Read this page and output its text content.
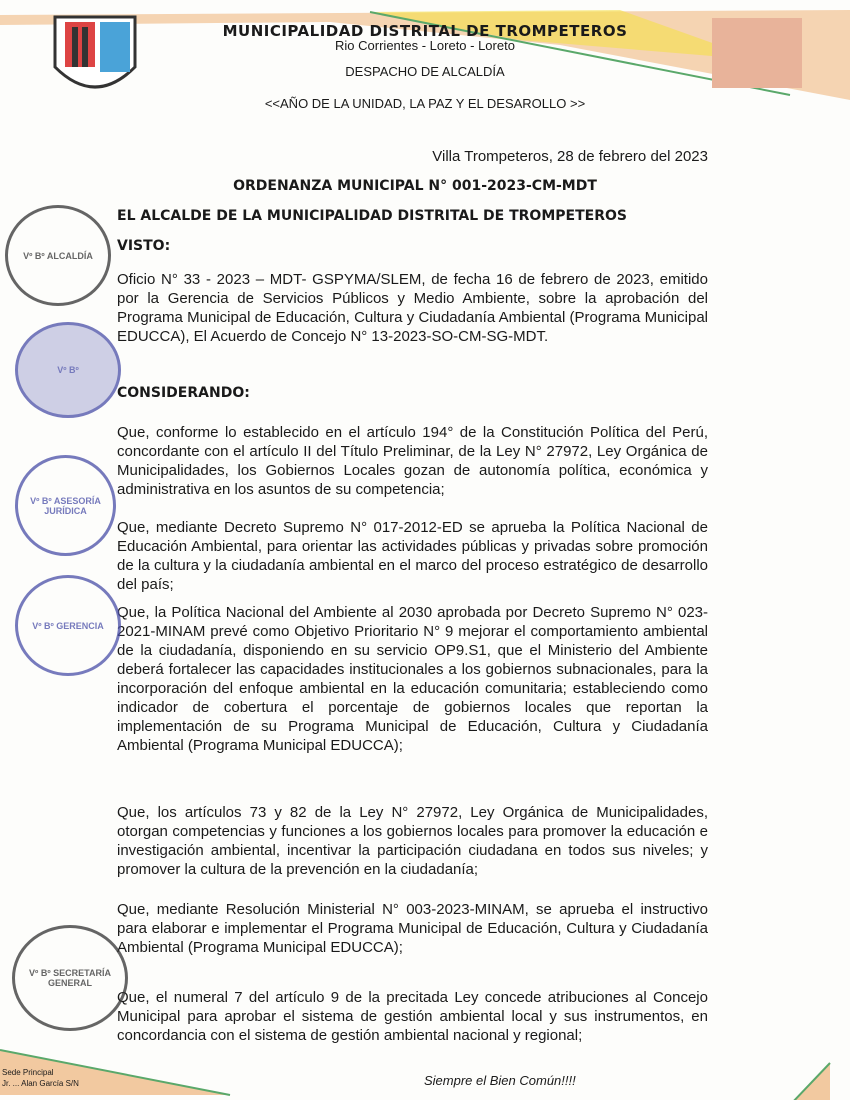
MUNICIPALIDAD DISTRITAL DE TROMPETEROS
Rio Corrientes - Loreto - Loreto
DESPACHO DE ALCALDÍA
<<AÑO DE LA UNIDAD, LA PAZ Y EL DESAROLLO >>
Villa Trompeteros, 28 de febrero del 2023
ORDENANZA MUNICIPAL N° 001-2023-CM-MDT
EL ALCALDE DE LA MUNICIPALIDAD DISTRITAL DE TROMPETEROS
VISTO:
Oficio N° 33 - 2023 – MDT- GSPYMA/SLEM, de fecha 16 de febrero de 2023, emitido por la Gerencia de Servicios Públicos y Medio Ambiente, sobre la aprobación del Programa Municipal de Educación, Cultura y Ciudadanía Ambiental (Programa Municipal EDUCCA), El Acuerdo de Concejo N° 13-2023-SO-CM-SG-MDT.
CONSIDERANDO:
Que, conforme lo establecido en el artículo 194° de la Constitución Política del Perú, concordante con el artículo II del Título Preliminar, de la Ley N° 27972, Ley Orgánica de Municipalidades, los Gobiernos Locales gozan de autonomía política, económica y administrativa en los asuntos de su competencia;
Que, mediante Decreto Supremo N° 017-2012-ED se aprueba la Política Nacional de Educación Ambiental, para orientar las actividades públicas y privadas sobre promoción de la cultura y la ciudadanía ambiental en el marco del proceso estratégico de desarrollo del país;
Que, la Política Nacional del Ambiente al 2030 aprobada por Decreto Supremo N° 023-2021-MINAM prevé como Objetivo Prioritario N° 9 mejorar el comportamiento ambiental de la ciudadanía, disponiendo en su servicio OP9.S1, que el Ministerio del Ambiente deberá fortalecer las capacidades institucionales a los gobiernos subnacionales, para la incorporación del enfoque ambiental en la educación comunitaria; estableciendo como indicador de cobertura el porcentaje de gobiernos locales que reportan la implementación de su Programa Municipal de Educación, Cultura y Ciudadanía Ambiental (Programa Municipal EDUCCA);
Que, los artículos 73 y 82 de la Ley N° 27972, Ley Orgánica de Municipalidades, otorgan competencias y funciones a los gobiernos locales para promover la educación e investigación ambiental, incentivar la participación ciudadana en todos sus niveles; y promover la cultura de la prevención en la ciudadanía;
Que, mediante Resolución Ministerial N° 003-2023-MINAM, se aprueba el instructivo para elaborar e implementar el Programa Municipal de Educación, Cultura y Ciudadanía Ambiental (Programa Municipal EDUCCA);
Que, el numeral 7 del artículo 9 de la precitada Ley concede atribuciones al Concejo Municipal para aprobar el sistema de gestión ambiental local y sus instrumentos, en concordancia con el sistema de gestión ambiental nacional y regional;
Vº Bº ALCALDÍA
Vº Bº
Vº Bº ASESORÍA JURÍDICA
Vº Bº GERENCIA
Vº Bº SECRETARÍA GENERAL
Sede Principal
Jr. ... Alan García S/N	Siempre el Bien Común!!!!
